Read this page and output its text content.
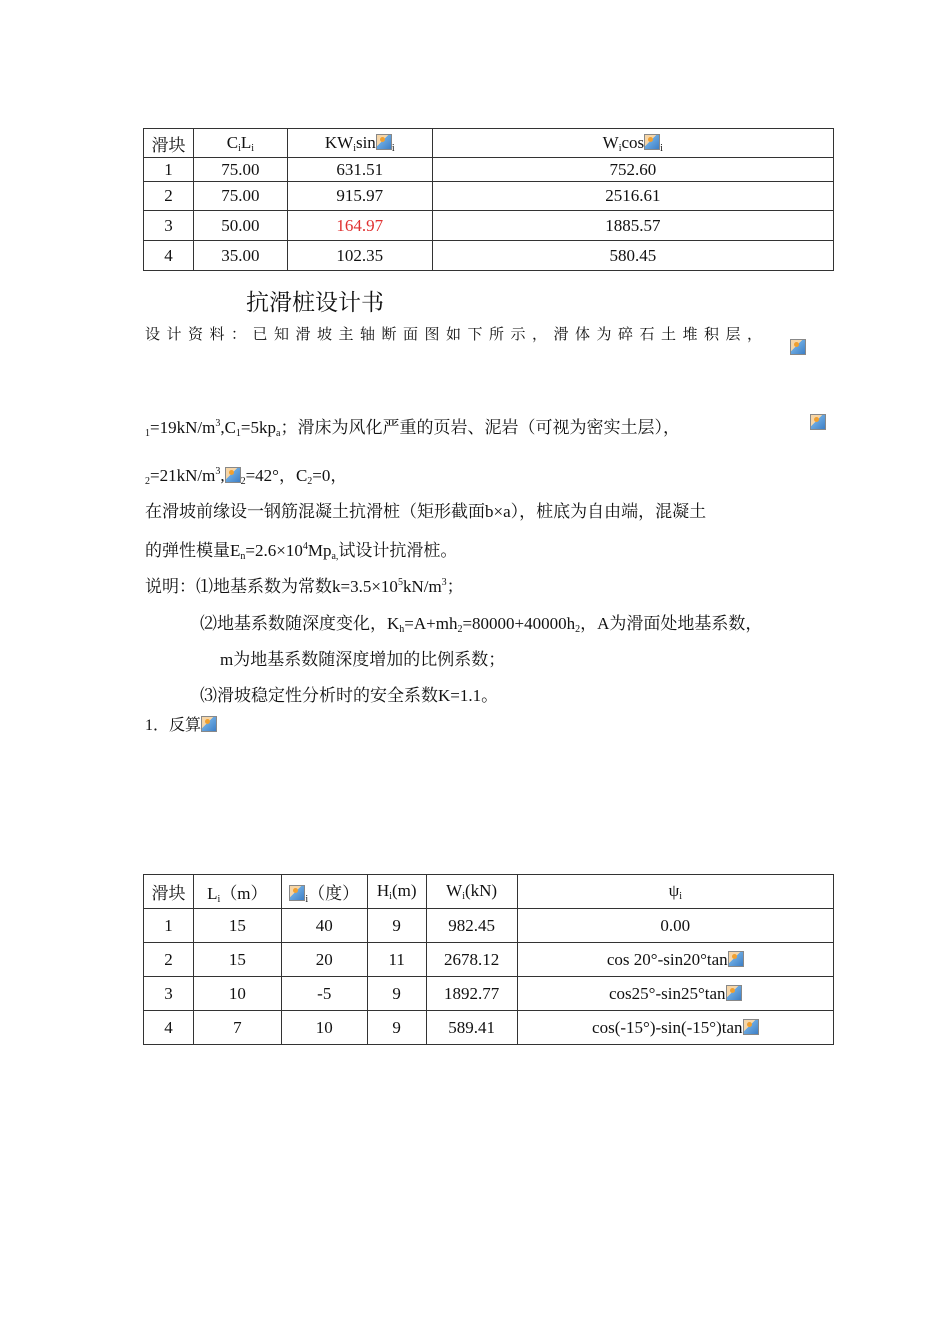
滑块	$C_iL_i$	$KW_i\sin$ $_i$	$W_i\cos$ $_i$
1	75.00	631.51	752.60
2	75.00	915.97	2516.61
3	50.00	164.97	1885.57
4	35.00	102.35	580.45
抗滑桩设计书
设计资料：已知滑坡主轴断面图如下所示，滑体为碎石土堆积层，

$_1=19kN/m^3,C_1=5kp_a$；滑床为风化严重的页岩、泥岩（可视为密实土层），
$_2=21kN/m^3$, $_2$=42°，$C_2=0$，
在滑坡前缘设一钢筋混凝土抗滑桩（矩形截面b×a），桩底为自由端，混凝土
的弹性模量$E_n=2.6\times 10^4Mp_{a,}$试设计抗滑桩。
说明：⑴地基系数为常数$k=3.5\times 10^5kN/m^3$；
⑵地基系数随深度变化，$K_h=A+mh_2=80000+40000h_2$，A为滑面处地基系数，
m为地基系数随深度增加的比例系数；
⑶滑坡稳定性分析时的安全系数K=1.1。
1．反算
滑块	$L_i(m)$	$_i$（度）	$H_i(m)$	$W_i(kN)$	$\psi_i$
1	15	40	9	982.45	0.00
2	15	20	11	2678.12	cos 20°-sin20°tan
3	10	-5	9	1892.77	cos25°-sin25°tan
4	7	10	9	589.41	cos(-15°)-sin(-15°)tan
